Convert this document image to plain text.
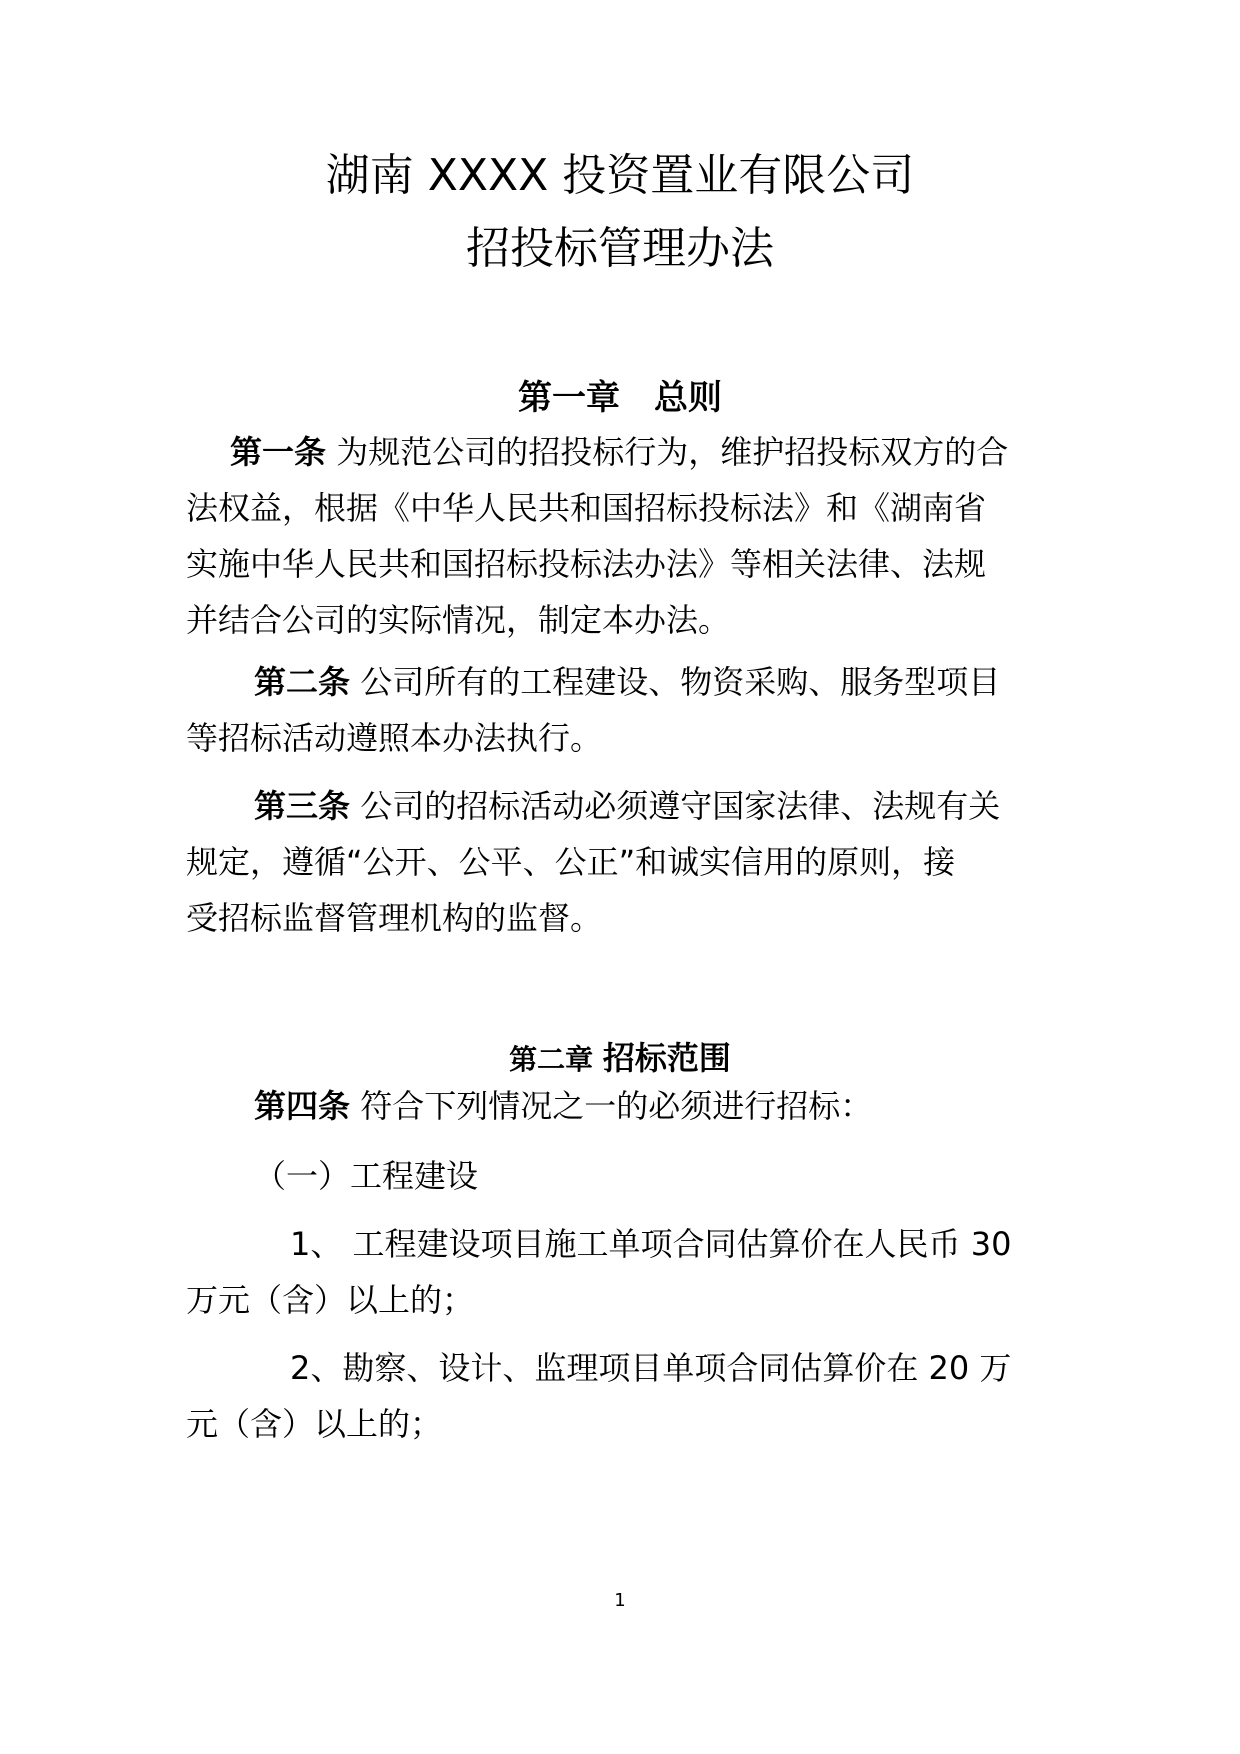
湖南 XXXX 投资置业有限公司
招投标管理办法
第一章　总则
第一条 为规范公司的招投标行为，维护招投标双方的合
法权益，根据《中华人民共和国招标投标法》和《湖南省
实施中华人民共和国招标投标法办法》等相关法律、法规
并结合公司的实际情况，制定本办法。
第二条 公司所有的工程建设、物资采购、服务型项目
等招标活动遵照本办法执行。
第三条 公司的招标活动必须遵守国家法律、法规有关
规定，遵循“公开、公平、公正”和诚实信用的原则，接
受招标监督管理机构的监督。
第二章 招标范围
第四条 符合下列情况之一的必须进行招标：
（一）工程建设
1、 工程建设项目施工单项合同估算价在人民币 30
万元（含）以上的；
2、勘察、设计、监理项目单项合同估算价在 20 万
元（含）以上的；
1
